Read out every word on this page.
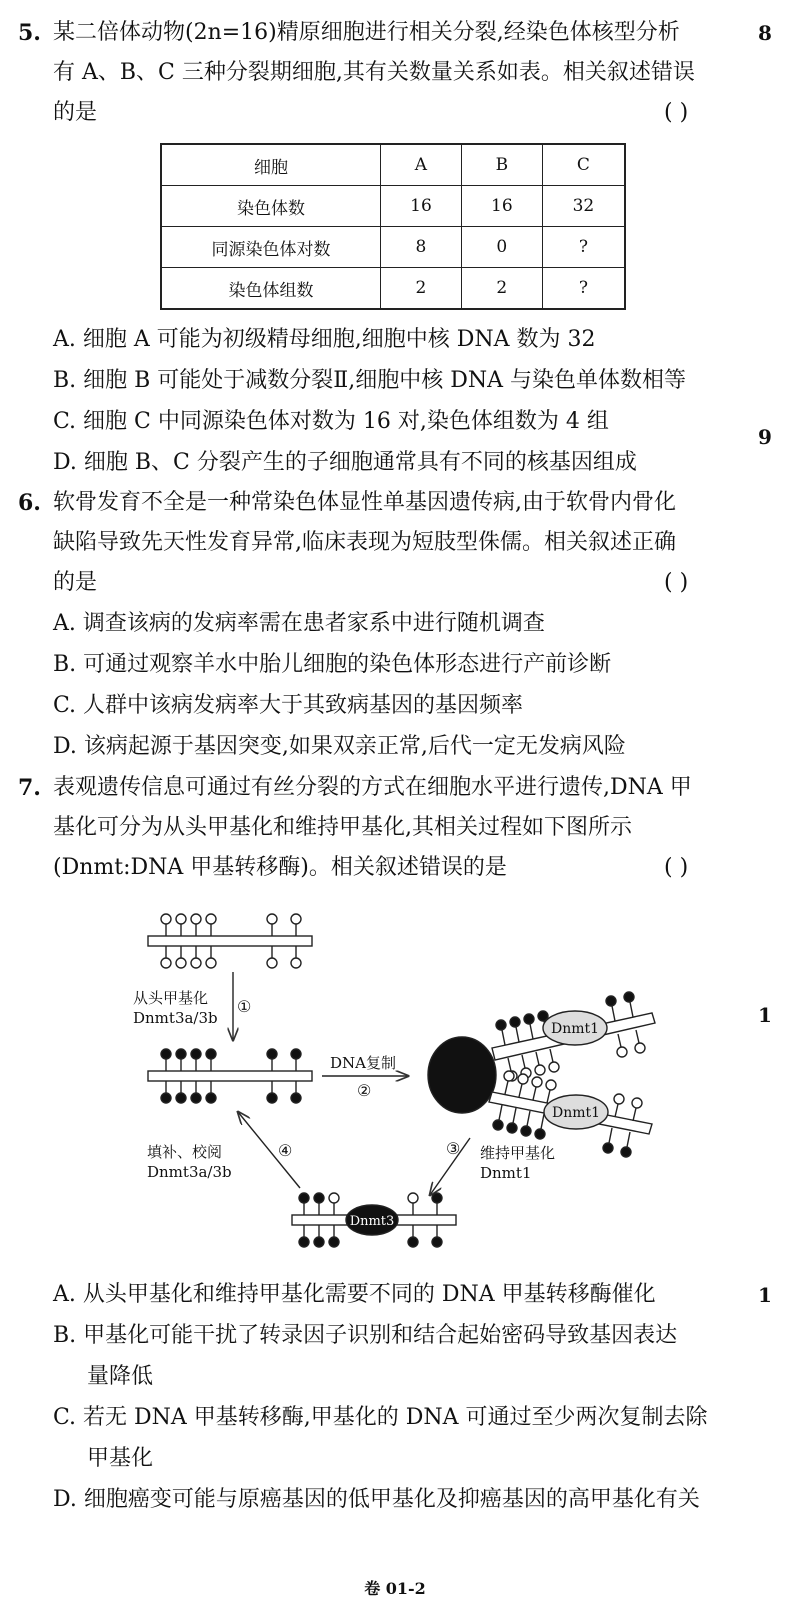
8
9
1
1
5. 某二倍体动物(2n=16)精原细胞进行相关分裂,经染色体核型分析
有 A、B、C 三种分裂期细胞,其有关数量关系如表。相关叙述错误
的是	( )
细胞	A	B	C
染色体数	16	16	32
同源染色体对数	8	0	?
染色体组数	2	2	?
A. 细胞 A 可能为初级精母细胞,细胞中核 DNA 数为 32
B. 细胞 B 可能处于减数分裂Ⅱ,细胞中核 DNA 与染色单体数相等
C. 细胞 C 中同源染色体对数为 16 对,染色体组数为 4 组
D. 细胞 B、C 分裂产生的子细胞通常具有不同的核基因组成
6. 软骨发育不全是一种常染色体显性单基因遗传病,由于软骨内骨化
缺陷导致先天性发育异常,临床表现为短肢型侏儒。相关叙述正确
的是	( )
A. 调查该病的发病率需在患者家系中进行随机调查
B. 可通过观察羊水中胎儿细胞的染色体形态进行产前诊断
C. 人群中该病发病率大于其致病基因的基因频率
D. 该病起源于基因突变,如果双亲正常,后代一定无发病风险
7. 表观遗传信息可通过有丝分裂的方式在细胞水平进行遗传,DNA 甲
基化可分为从头甲基化和维持甲基化,其相关过程如下图所示
(Dnmt:DNA 甲基转移酶)。相关叙述错误的是	( )
从头甲基化
Dnmt3a/3b
①
DNA复制
②
③ 维持甲基化
Dnmt1
填补、校阅
Dnmt3a/3b
④
Dnmt1
Dnmt1
Dnmt3
A. 从头甲基化和维持甲基化需要不同的 DNA 甲基转移酶催化
B. 甲基化可能干扰了转录因子识别和结合起始密码导致基因表达
量降低
C. 若无 DNA 甲基转移酶,甲基化的 DNA 可通过至少两次复制去除
甲基化
D. 细胞癌变可能与原癌基因的低甲基化及抑癌基因的高甲基化有关
卷 01-2
